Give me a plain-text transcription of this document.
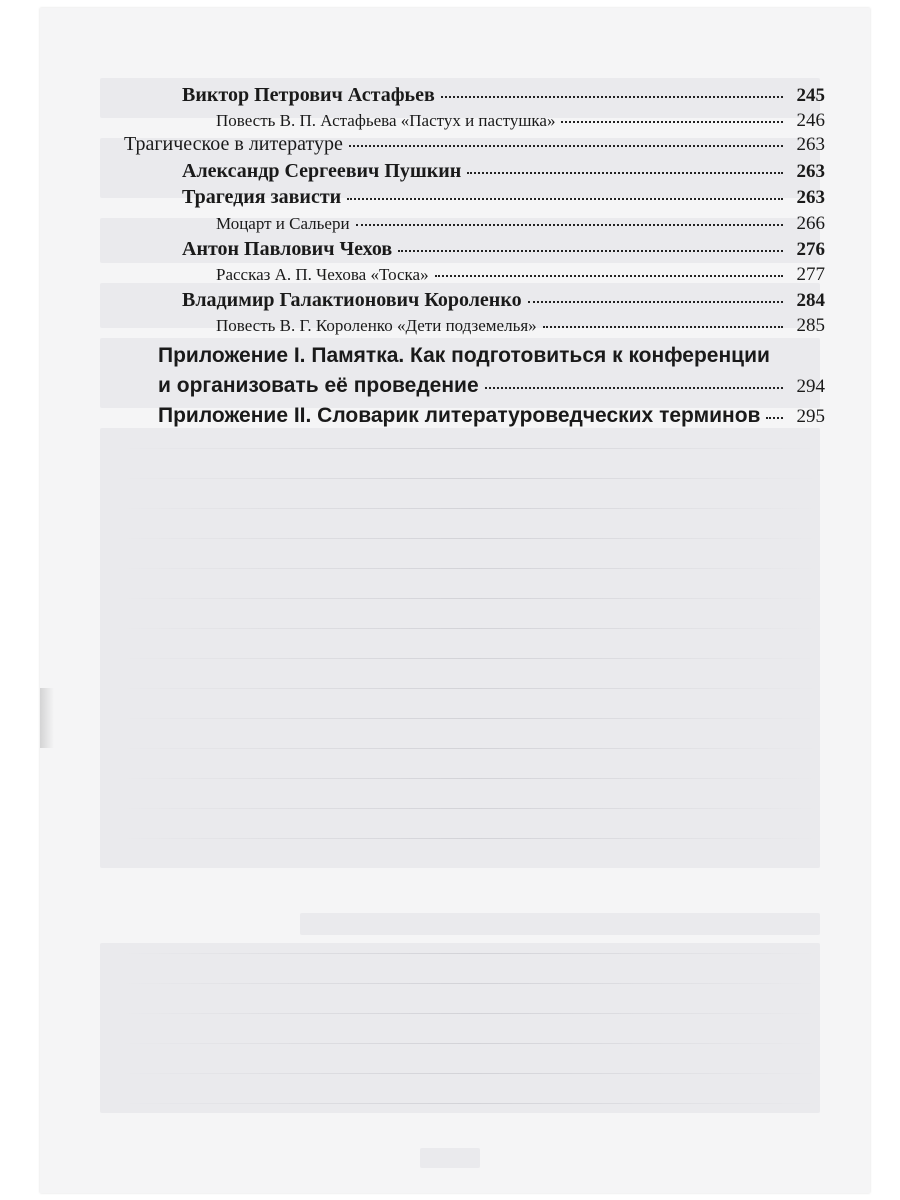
Виктор Петрович Астафьев	245
Повесть В. П. Астафьева «Пастух и пастушка»	246
Трагическое в литературе	263
Александр Сергеевич Пушкин	263
Трагедия зависти	263
Моцарт и Сальери	266
Антон Павлович Чехов	276
Рассказ А. П. Чехова «Тоска»	277
Владимир Галактионович Короленко	284
Повесть В. Г. Короленко «Дети подземелья»	285
Приложение I. Памятка. Как подготовиться к конференции
и организовать её проведение	294
Приложение II. Словарик литературоведческих терминов	295
